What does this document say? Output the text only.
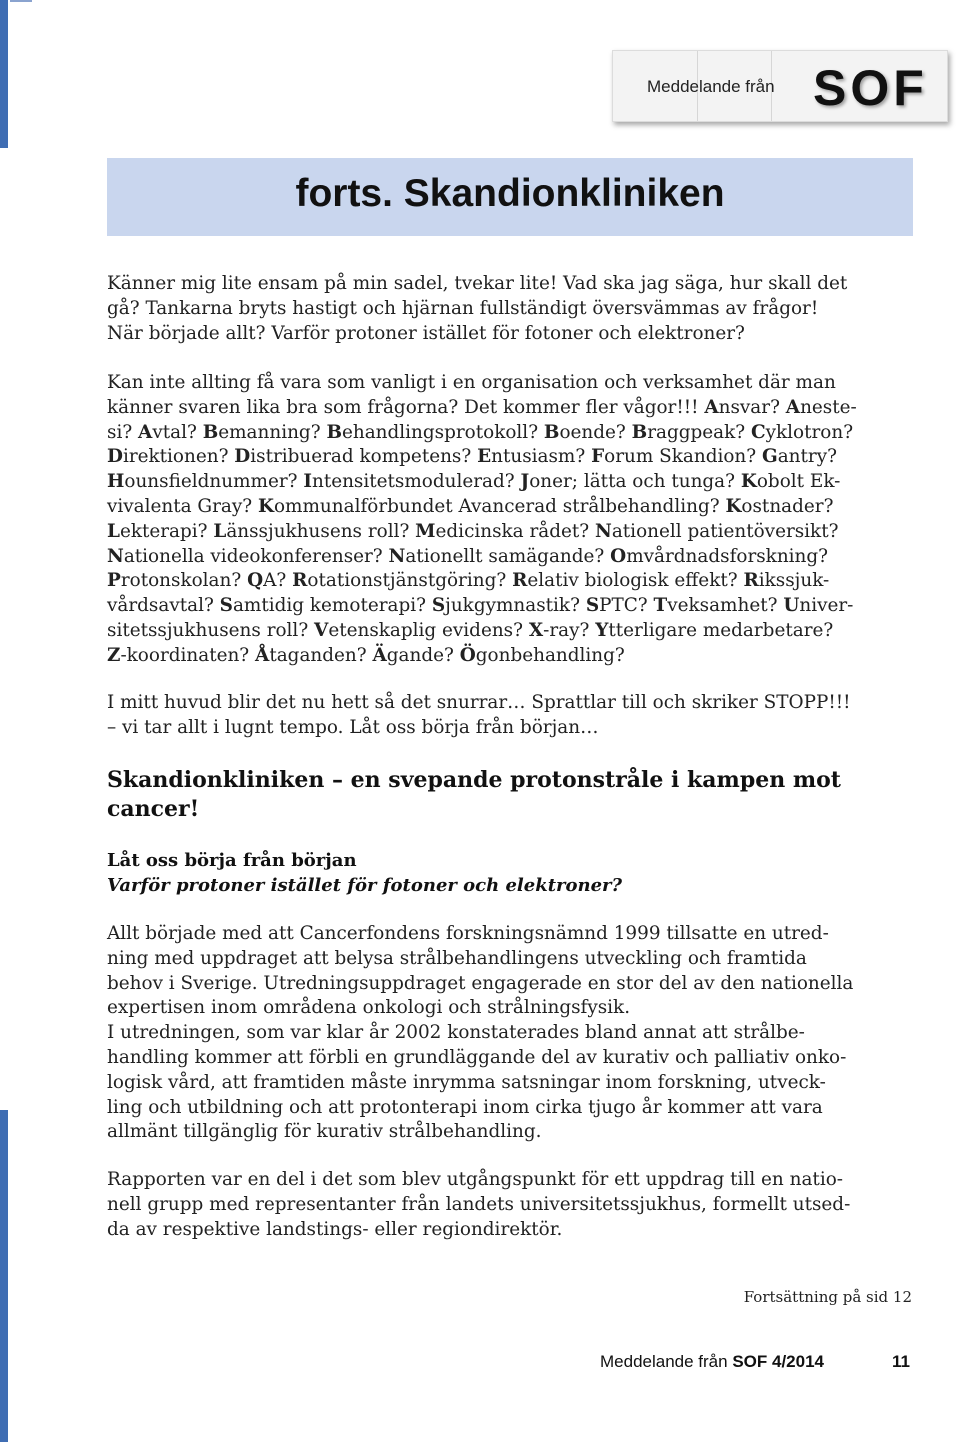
Meddelande från SOF
forts. Skandionkliniken

Känner mig lite ensam på min sadel, tvekar lite! Vad ska jag säga, hur skall det
gå? Tankarna bryts hastigt och hjärnan fullständigt översvämmas av frågor!
När började allt? Varför protoner istället för fotoner och elektroner?

Kan inte allting få vara som vanligt i en organisation och verksamhet där man
känner svaren lika bra som frågorna? Det kommer fler vågor!!! Ansvar? Aneste-
si? Avtal? Bemanning? Behandlingsprotokoll? Boende? Braggpeak? Cyklotron?
Direktionen? Distribuerad kompetens? Entusiasm? Forum Skandion? Gantry?
Hounsfieldnummer? Intensitetsmodulerad? Joner; lätta och tunga? Kobolt Ek-
vivalenta Gray? Kommunalförbundet Avancerad strålbehandling? Kostnader?
Lekterapi? Länssjukhusens roll? Medicinska rådet? Nationell patientöversikt?
Nationella videokonferenser? Nationellt samägande? Omvårdnadsforskning?
Protonskolan? QA? Rotationstjänstgöring? Relativ biologisk effekt? Rikssjuk-
vårdsavtal? Samtidig kemoterapi? Sjukgymnastik? SPTC? Tveksamhet? Univer-
sitetssjukhusens roll? Vetenskaplig evidens? X-ray? Ytterligare medarbetare?
Z-koordinaten? Åtaganden? Ägande? Ögonbehandling?

I mitt huvud blir det nu hett så det snurrar… Sprattlar till och skriker STOPP!!!
– vi tar allt i lugnt tempo. Låt oss börja från början…

Skandionkliniken – en svepande protonstråle i kampen mot
cancer!
Låt oss börja från början
Varför protoner istället för fotoner och elektroner?

Allt började med att Cancerfondens forskningsnämnd 1999 tillsatte en utred-
ning med uppdraget att belysa strålbehandlingens utveckling och framtida
behov i Sverige. Utredningsuppdraget engagerade en stor del av den nationella
expertisen inom områdena onkologi och strålningsfysik.
I utredningen, som var klar år 2002 konstaterades bland annat att strålbe-
handling kommer att förbli en grundläggande del av kurativ och palliativ onko-
logisk vård, att framtiden måste inrymma satsningar inom forskning, utveck-
ling och utbildning och att protonterapi inom cirka tjugo år kommer att vara
allmänt tillgänglig för kurativ strålbehandling.

Rapporten var en del i det som blev utgångspunkt för ett uppdrag till en natio-
nell grupp med representanter från landets universitetssjukhus, formellt utsed-
da av respektive landstings- eller regiondirektör.

Fortsättning på sid 12
Meddelande från SOF 4/2014	11
